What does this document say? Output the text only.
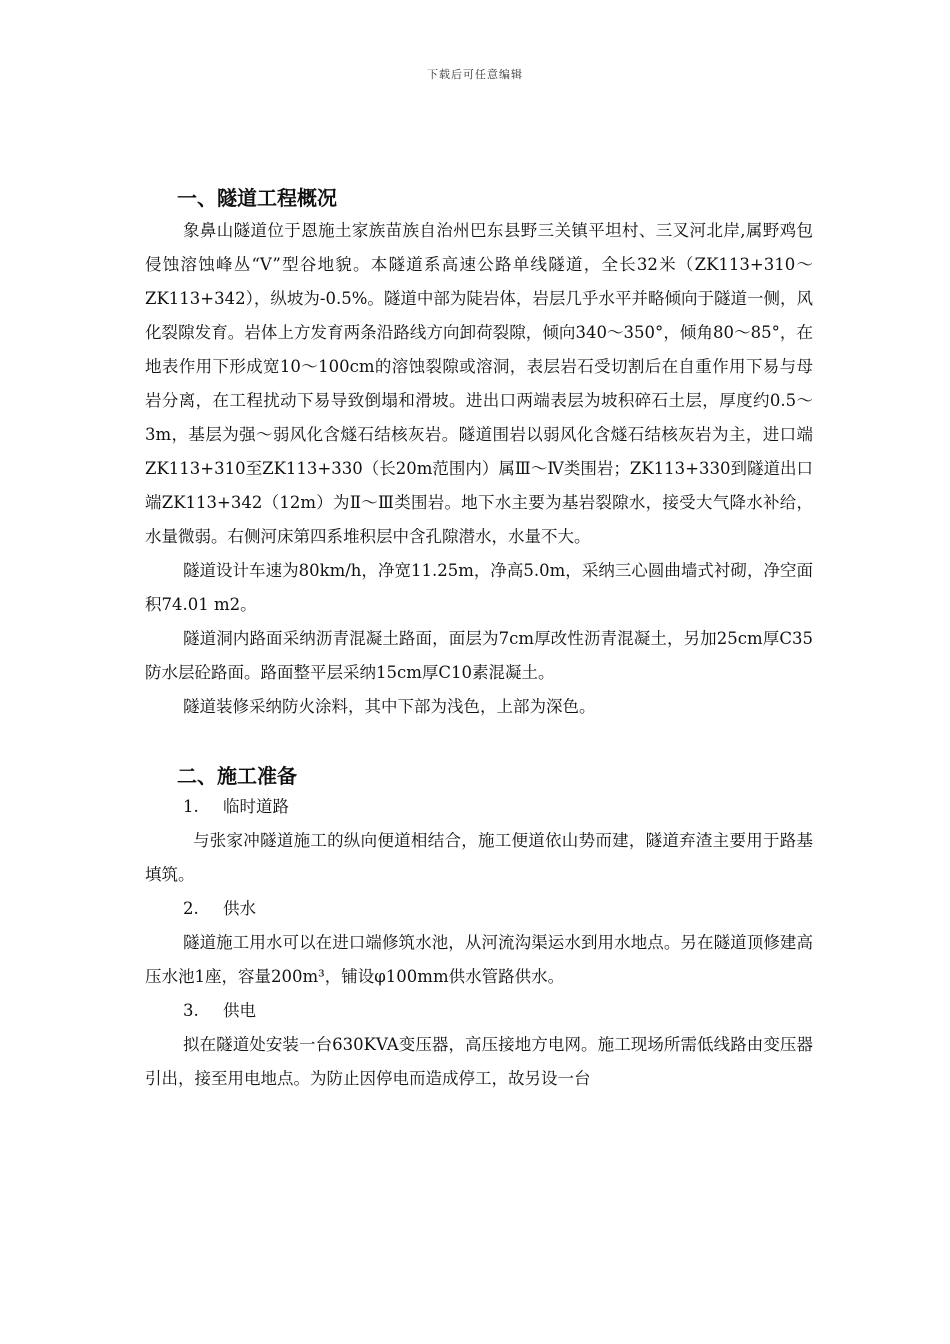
下载后可任意编辑
一、隧道工程概况

象鼻山隧道位于恩施土家族苗族自治州巴东县野三关镇平坦村、三叉河北岸,属野鸡包侵蚀溶蚀峰丛“V”型谷地貌。本隧道系高速公路单线隧道，全长32米（ZK113+310～ZK113+342），纵坡为-0.5%。隧道中部为陡岩体，岩层几乎水平并略倾向于隧道一侧，风化裂隙发育。岩体上方发育两条沿路线方向卸荷裂隙，倾向340～350°，倾角80～85°，在地表作用下形成宽10～100cm的溶蚀裂隙或溶洞，表层岩石受切割后在自重作用下易与母岩分离，在工程扰动下易导致倒塌和滑坡。进出口两端表层为坡积碎石土层，厚度约0.5～3m，基层为强～弱风化含燧石结核灰岩。隧道围岩以弱风化含燧石结核灰岩为主，进口端ZK113+310至ZK113+330（长20m范围内）属Ⅲ～Ⅳ类围岩；ZK113+330到隧道出口端ZK113+342（12m）为Ⅱ～Ⅲ类围岩。地下水主要为基岩裂隙水，接受大气降水补给，水量微弱。右侧河床第四系堆积层中含孔隙潜水，水量不大。

隧道设计车速为80km/h，净宽11.25m，净高5.0m，采纳三心圆曲墙式衬砌，净空面积74.01 m2。

隧道洞内路面采纳沥青混凝土路面，面层为7cm厚改性沥青混凝土，另加25cm厚C35防水层砼路面。路面整平层采纳15cm厚C10素混凝土。

隧道装修采纳防火涂料，其中下部为浅色，上部为深色。

二、施工准备

1. 临时道路

与张家冲隧道施工的纵向便道相结合，施工便道依山势而建，隧道弃渣主要用于路基填筑。

2. 供水

隧道施工用水可以在进口端修筑水池，从河流沟渠运水到用水地点。另在隧道顶修建高压水池1座，容量200m³，铺设φ100mm供水管路供水。

3. 供电

拟在隧道处安装一台630KVA变压器，高压接地方电网。施工现场所需低线路由变压器引出，接至用电地点。为防止因停电而造成停工，故另设一台
